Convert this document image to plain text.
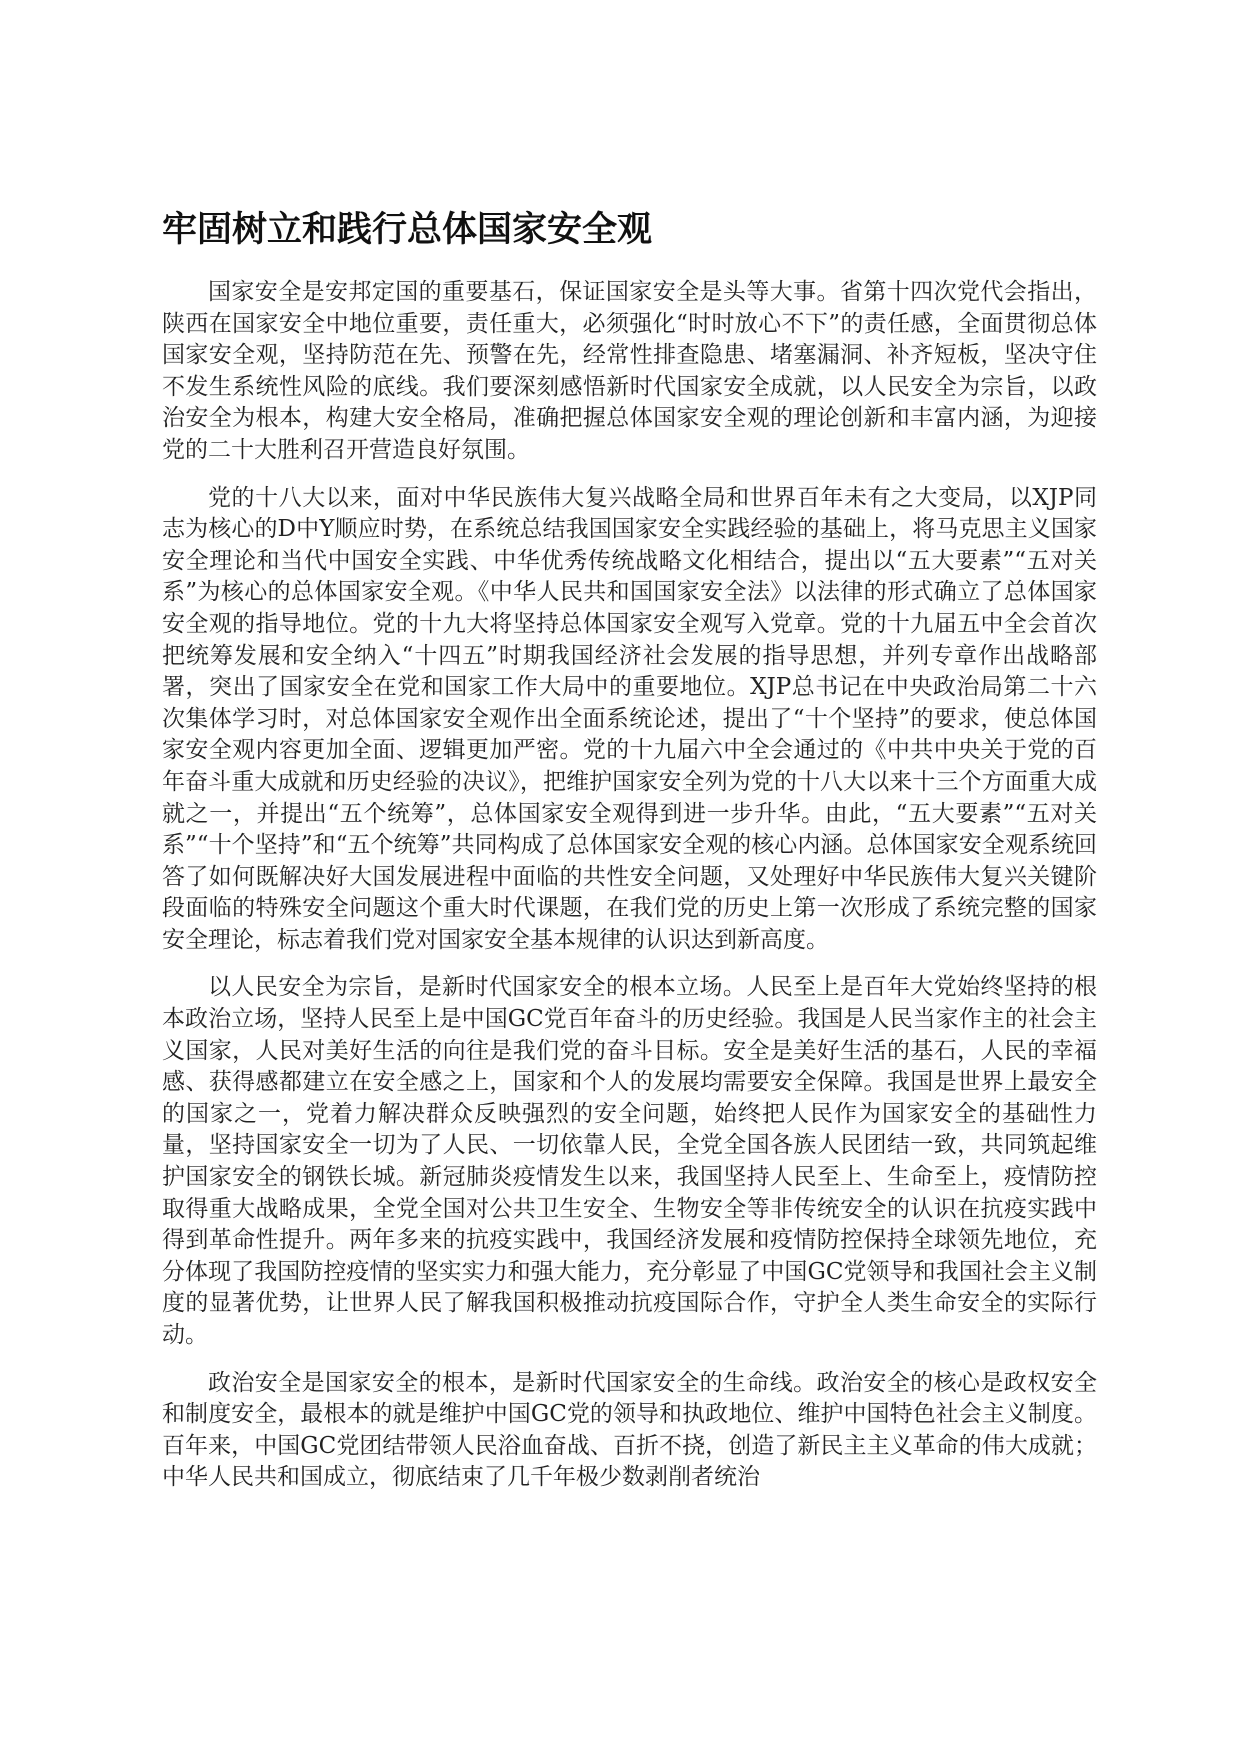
牢固树立和践行总体国家安全观

国家安全是安邦定国的重要基石，保证国家安全是头等大事。省第十四次党代会指出，陕西在国家安全中地位重要，责任重大，必须强化“时时放心不下”的责任感，全面贯彻总体国家安全观，坚持防范在先、预警在先，经常性排查隐患、堵塞漏洞、补齐短板，坚决守住不发生系统性风险的底线。我们要深刻感悟新时代国家安全成就，以人民安全为宗旨，以政治安全为根本，构建大安全格局，准确把握总体国家安全观的理论创新和丰富内涵，为迎接党的二十大胜利召开营造良好氛围。

党的十八大以来，面对中华民族伟大复兴战略全局和世界百年未有之大变局，以XJP同志为核心的D中Y顺应时势，在系统总结我国国家安全实践经验的基础上，将马克思主义国家安全理论和当代中国安全实践、中华优秀传统战略文化相结合，提出以“五大要素”“五对关系”为核心的总体国家安全观。《中华人民共和国国家安全法》以法律的形式确立了总体国家安全观的指导地位。党的十九大将坚持总体国家安全观写入党章。党的十九届五中全会首次把统筹发展和安全纳入“十四五”时期我国经济社会发展的指导思想，并列专章作出战略部署，突出了国家安全在党和国家工作大局中的重要地位。XJP总书记在中央政治局第二十六次集体学习时，对总体国家安全观作出全面系统论述，提出了“十个坚持”的要求，使总体国家安全观内容更加全面、逻辑更加严密。党的十九届六中全会通过的《中共中央关于党的百年奋斗重大成就和历史经验的决议》，把维护国家安全列为党的十八大以来十三个方面重大成就之一，并提出“五个统筹”，总体国家安全观得到进一步升华。由此，“五大要素”“五对关系”“十个坚持”和“五个统筹”共同构成了总体国家安全观的核心内涵。总体国家安全观系统回答了如何既解决好大国发展进程中面临的共性安全问题，又处理好中华民族伟大复兴关键阶段面临的特殊安全问题这个重大时代课题，在我们党的历史上第一次形成了系统完整的国家安全理论，标志着我们党对国家安全基本规律的认识达到新高度。

以人民安全为宗旨，是新时代国家安全的根本立场。人民至上是百年大党始终坚持的根本政治立场，坚持人民至上是中国GC党百年奋斗的历史经验。我国是人民当家作主的社会主义国家，人民对美好生活的向往是我们党的奋斗目标。安全是美好生活的基石，人民的幸福感、获得感都建立在安全感之上，国家和个人的发展均需要安全保障。我国是世界上最安全的国家之一，党着力解决群众反映强烈的安全问题，始终把人民作为国家安全的基础性力量，坚持国家安全一切为了人民、一切依靠人民，全党全国各族人民团结一致，共同筑起维护国家安全的钢铁长城。新冠肺炎疫情发生以来，我国坚持人民至上、生命至上，疫情防控取得重大战略成果，全党全国对公共卫生安全、生物安全等非传统安全的认识在抗疫实践中得到革命性提升。两年多来的抗疫实践中，我国经济发展和疫情防控保持全球领先地位，充分体现了我国防控疫情的坚实实力和强大能力，充分彰显了中国GC党领导和我国社会主义制度的显著优势，让世界人民了解我国积极推动抗疫国际合作，守护全人类生命安全的实际行动。

政治安全是国家安全的根本，是新时代国家安全的生命线。政治安全的核心是政权安全和制度安全，最根本的就是维护中国GC党的领导和执政地位、维护中国特色社会主义制度。百年来，中国GC党团结带领人民浴血奋战、百折不挠，创造了新民主主义革命的伟大成就；中华人民共和国成立，彻底结束了几千年极少数剥削者统治
